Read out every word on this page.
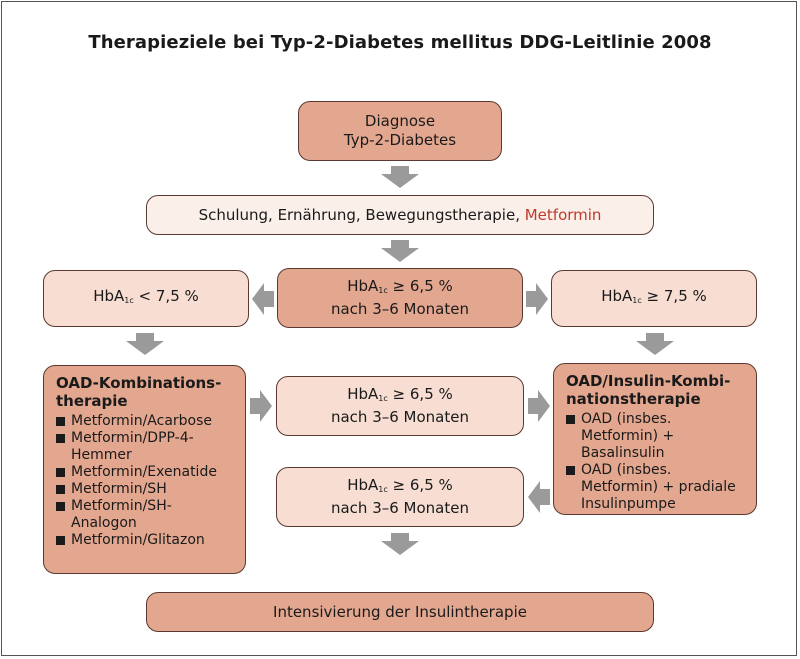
Therapieziele bei Typ-2-Diabetes mellitus DDG-Leitlinie 2008
Diagnose
Typ-2-Diabetes
Schulung, Ernährung, Bewegungstherapie, Metformin
HbA$_{1c}$ < 7,5 %
HbA$_{1c}$ ≥ 6,5 %
nach 3–6 Monaten
HbA$_{1c}$ ≥ 7,5 %
OAD-Kombinations-
therapie
Metformin/Acarbose
Metformin/DPP-4-Hemmer
Metformin/Exenatide
Metformin/SH
Metformin/SH-Analogon
Metformin/Glitazon
HbA$_{1c}$ ≥ 6,5 %
nach 3–6 Monaten
HbA$_{1c}$ ≥ 6,5 %
nach 3–6 Monaten
OAD/Insulin-Kombi-
nationstherapie
OAD (insbes. Metformin) + Basalinsulin
OAD (insbes. Metformin) + pradiale Insulinpumpe
Intensivierung der Insulintherapie
